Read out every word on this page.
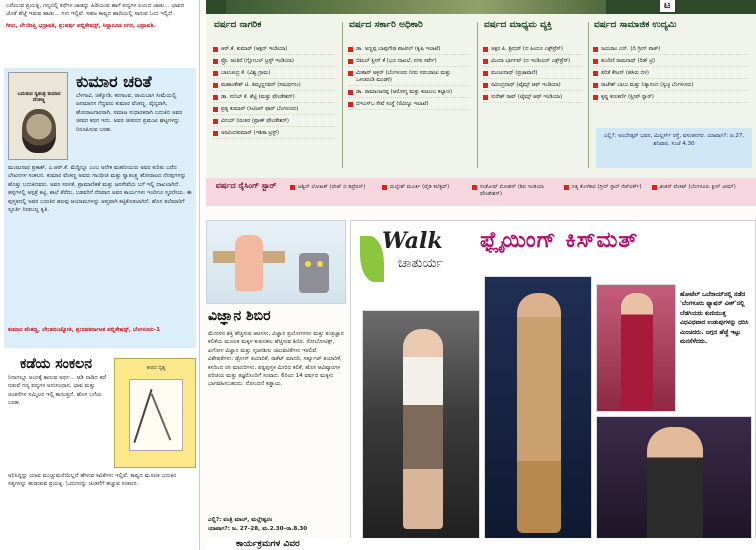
ಬರೆಯುವ ಪ್ರಯತ್ನ, ಗದ್ಯದಲ್ಲಿ ಕಥೆಗಳ ಜಾಡನ್ನು ಹಿಡಿಯುವ ಹಾಗೆ ಪದ್ಯಗಳ ಲಯದ ಜಾಡು... ಭಾವದ ಜೊತೆ ಹೆಜ್ಜೆ ಇಡುವ ಹಾಡು... ಗಳು ಇಲ್ಲಿವೆ. ಸಹಜ ಕಾವ್ಯದ ಹಾದಿಯಲ್ಲಿ ಸಾಗುವ ಓದು ಇಲ್ಲಿದೆ.
ಗೀರು, ಲೇ:ದೀಪ್ತಿ ಭದ್ರಾವತಿ, ಪ್ರ:ವರ್ಷ ಪಬ್ಲಿಕೇಷನ್ಸ್, ಸಿದ್ದಾರೂಢ ನಗರ, ಭದ್ರಾವತಿ.
ಬದುಕುವ ಸ್ವತಂತ್ರ ಕುಮಾರ ವೆಂಕಣ್ಣ
ಕುಮಾರ ಚರಿತೆ
ಬೆಳಗಾವಿ, ಚಿಕ್ಕೋಡಿ, ಕರಗಾಂವ, ರಾಯಬಾಗ ಸೀಮೆಯಲ್ಲಿ ಜನಮಾನಸ ಗೆದ್ದವರು ಕುಮಾರ ವೆಂಕಣ್ಣ. ವೈದ್ಯರಾಗಿ, ಹೋರಾಟಗಾರರಾಗಿ, ಸಮಾಜ ಸುಧಾರಕರಾಗಿ ಬದುಕಿದ ಅವರ ಜೀವನ ಕಥನ ಇದು. ಅವರ ಜೀವನದ ಪ್ರಮುಖ ಘಟ್ಟಗಳನ್ನು ನಿರೂಪಿಸುವ ಬರಹ.
ಮಂಜುನಾಥ ಪ್ರಕಾಶ್, ಎ.ಆರ್.ಕೆ. ಮೆದ್ದಿನ್ನೂ ಎಂಬ ಅನೇಕ ಮಹನೀಯರು ಅವರ ಕುರಿತು ಬರೆದ ಲೇಖನಗಳ ಸಂಕಲನ. ಕುಮಾರ ವೆಂಕಣ್ಣ ಅವರು ಗಾಂಧೀಜಿ ಮತ್ತು ಸ್ವಾತಂತ್ರ್ಯ ಹೋರಾಟದ ನೆನಪುಗಳನ್ನು ಹೊತ್ತು ಬದುಕಿದವರು. ಅವರ ಸರಳತೆ, ಪ್ರಾಮಾಣಿಕತೆ ಮತ್ತು ಜನಸೇವೆಯ ಬಗೆ ಇಲ್ಲಿ ದಾಖಲಾಗಿದೆ. ಹಳ್ಳಿಗಳಲ್ಲಿ ಆಸ್ಪತ್ರೆ ಕಟ್ಟಿ, ಶಾಲೆ ತೆರೆದು, ಬಡವರಿಗೆ ನೆರವಾದ ಅವರ ಕಾರ್ಯಗಳು ಇಂದಿಗೂ ಸ್ಮರಣೀಯ. ಈ ಪುಸ್ತಕದಲ್ಲಿ ಅವರ ಬದುಕಿನ ಹಲವು ಆಯಾಮಗಳನ್ನು ಆಪ್ತವಾಗಿ ಕಟ್ಟಿಕೊಡಲಾಗಿದೆ. ಹೊಸ ತಲೆಮಾರಿಗೆ ಸ್ಫೂರ್ತಿ ನೀಡಬಲ್ಲ ಕೃತಿ.
ಕುಮಾರ ವೆಂಕಣ್ಣ, ಲೇ:ಪರಂಜ್ಯೋತಿ, ಪ್ರ:ನವಕರ್ನಾಟಕ ಪಬ್ಲಿಕೇಷನ್ಸ್, ಬೆಂಗಳೂರು-1
ಕಡೆಯ ಸಂಕಲನ
ನಿನಾಗಲ್ಲೂ ಅಂದಕ್ಕೆ ಕಾಣುವ ಅರ್ಥ... ಆಡಿ ನಾಡಿದ ಕಥೆ ನಡುವೆ ಗದ್ಯ ಪದ್ಯಗಳ ಅನುಸಂಧಾನ. ಭಾವ ಮತ್ತು ಚಿಂತನೆಗಳ ಸಮ್ಮಿಲನ ಇಲ್ಲಿ ಕಾಣುತ್ತದೆ. ಹೊಸ ಬಗೆಯ ಬರಹ.
ತೀರದ ದೃಶ್ಯ
ಅನಿಸಿದ್ದನ್ನು ಯಾವ ಮುಚ್ಚುಮರೆಯಿಲ್ಲದೆ ಹೇಳುವ ಕವಿತೆಗಳು ಇಲ್ಲಿವೆ. ಕಾವ್ಯದ ಮೂಲಕ ಬದುಕಿನ ಸತ್ಯಗಳನ್ನು ಹುಡುಕುವ ಪ್ರಯತ್ನ. ಓದುಗನನ್ನು ಚಿಂತನೆಗೆ ಹಚ್ಚುವ ಸಂಕಲನ.
ಟ
ವರ್ಷದ ನಾಗರಿಕ
ಆರ್.ಕೆ. ಕುಮಾರ್ (ಆಕ್ಷನ್ ಇಂಡಿಯಾ)
ಪ್ರೊ. ಆಂತಿರೆ (ಗ್ಲೋಬಲ್ ಟ್ರಸ್ಟ್ ಇಂಡಿಯಾ)
ಬಾಲಚಂದ್ರ ಕೆ. (ವಿಶ್ವ ಗ್ರಾಮ)
ಮಹಾಂತೇಶ್ ಟಿ. ತಿಮ್ಮಣ್ಣನವರ್ (ಸಮರ್ಥನಂ)
ಡಾ. ಸುನಿಲ್ ಕೆ. ಶೆಟ್ಟಿ (ಮತ್ತು ಫೌಂಡೇಶನ್)
ಪ್ರತ್ಯ ಕುಮಾರ್ (ಸಿಟಿಜನ್ ಫಾರ್ ಬೆಂಗಳೂರು)
ವಿನಯ್ ನಿರಂತರ (ಪ್ರಾಣ್ ಫೌಂಡೇಶನ್)
ಅರವಿಂದಕುಮಾರ್ (ಇಶಿತಾ ಟ್ರಸ್ಟ್)
ವರ್ಷದ ಸರ್ಕಾರಿ ಅಧಿಕಾರಿ
ಡಾ. ಅಣ್ಣಪ್ಪ ಬಾಪುಗೌಡ ಪಾಟೀಲ್ (ಕೃಷಿ ಇಲಾಖೆ)
ಬಿಮಲ್ ಸ್ಟೀನ್ ಕೆ (ಭೂ ದಾಖಲೆ, ನಗರ ಸರ್ವೇ)
ಮಿಹಾರ್ ಅಕ್ಬರ್ (ಬೆಂಗಳೂರು ನೀರು ಸರಬರಾಜು ಮತ್ತು ಒಳಚರಂಡಿ ಮಂಡಳಿ)
ಡಾ. ರಾಮಾಂಜನಪ್ಪ (ಆರೋಗ್ಯ ಮತ್ತು ಕುಟುಂಬ ಕಲ್ಯಾಣ)
ಬಿಇಎಸ್ಒ ಸೇವೆ ಸಂಸ್ಥೆ (ರೆವಿನ್ಯೂ ಇಲಾಖೆ)
ವರ್ಷದ ಮಾಧ್ಯಮ ವ್ಯಕ್ತಿ
ಅಕ್ಷರ ಪಿ. ಶ್ರೀಧರ್ (ದ ಹಿಂದೂ ಎಕ್ಸ್‌ಪ್ರೆಸ್)
ಮಿಂದಾ ಭಾರ್ಗವ್ (ದ ಇಂಡಿಯನ್ ಎಕ್ಸ್‌ಪ್ರೆಸ್)
ಮಂಜುನಾಥ್ (ಪ್ರಜಾವಾಣಿ)
ರವೀಂದ್ರನಾಥ್ (ಟೈಮ್ಸ್ ಆಫ್ ಇಂಡಿಯಾ)
ಸುರೇಶ್ ರಾವ್ (ಟೈಮ್ಸ್ ಆಫ್ ಇಂಡಿಯಾ)
ವರ್ಷದ ಸಾಮಾಜಿಕ ಉದ್ಯಮಿ
ಜಯರಾಂ ಎನ್. (ದಿ ಗ್ರೀನ್ ಪಾತ್)
ಕುಂದಿಣಿ ರಾಮನಾಥ್ (ರಿಡ್ ಟ್ರಿ)
ಪರಿತೆ ಕೇಟನ್ (ಹಸಿರು ದಳ)
ರಾಜೇಶ್ ಬಾಬು ಮತ್ತು ನಿತ್ಯಾನಂದ (ಸ್ವಚ್ಛ ಬೆಂಗಳೂರು)
ಕೃಷ್ಣ ಕುಲಕರ್ಣಿ (ಸ್ಲೀಪ್ ಸ್ನಾರ್)
ಎಲ್ಲಿ?: ಅಂಬೇಡ್ಕರ್ ಭವನ, ಮಿಲ್ಲರ್ಸ್ ರಸ್ತೆ, ವಸಂತನಗರ. ಯಾವಾಗ?: ಜ.27, ಶನಿವಾರ, ಸಂಜೆ 4.30
ವರ್ಷದ ರೈಸಿಂಗ್ ಸ್ಟಾರ್	ಅಶ್ವಿನ್ ಲೋಹಿತ್ (ಫೇಟ್ ದ ಡಿಪ್ರೆಷನ್)	ಮಲ್ಲೇಶ್ ಮೂರ್ತಿ (ವೈಡಿ ಕಲೆಕ್ಟಿವ್)	ಸಂತೋಷ್ ಮೋಹನ್ (ಶಿವ ಇಂಡಿಯಾ ಫೌಂಡೇಶನ್)
ನಿತ್ಯ ಕೊಳೆಕಾರ (ಗ್ರೀನ್ ಸ್ಟಾರ್ ನೆಟ್‌ವರ್ಕ್)	ಶಂಕರ್ ವೆಂಕಟ್ (ಬೆಂಗಳೂರು ಕ್ಲೀನ್ ಟೀಮ್)
ವಿಜ್ಞಾನ ಶಿಬಿರ
ಮೆದುಳಿನ ಶಕ್ತಿ ಹೆಚ್ಚಿಸುವ ಆಟಗಳು, ವಿಜ್ಞಾನ ಪ್ರಯೋಗಗಳು ಮತ್ತು ತಂತ್ರಜ್ಞಾನ ಕಲಿಕೆಯ ಮೂಲಕ ಮಕ್ಕಳ ಕುತೂಹಲ ಹೆಚ್ಚಿಸುವ ಶಿಬಿರ. ರೋಬೋಟಿಕ್ಸ್, ಖಗೋಳ ವಿಜ್ಞಾನ ಮತ್ತು ಸೃಜನಶೀಲ ಚಟುವಟಿಕೆಗಳು ಇರಲಿವೆ. ವಿಶೇಷತೆಗಳು: ಡ್ರೋನ್ ತಯಾರಿಕೆ, ರಾಕೆಟ್ ಮಾದರಿ, ಸರ್ಕ್ಯೂಟ್ ತಯಾರಿಕೆ, ಕಸದಿಂದ ರಸ ಮಾದರಿಗಳು. ಪಠ್ಯಪುಸ್ತಕ ಮೀರಿದ ಕಲಿಕೆ, ಹೊಸ ಆವಿಷ್ಕಾರಗಳ ಪರಿಚಯ ಮತ್ತು ತಜ್ಞರೊಂದಿಗೆ ಸಂವಾದ. 6ರಿಂದ 14 ವರ್ಷದ ಮಕ್ಕಳು ಭಾಗವಹಿಸಬಹುದು. ನೋಂದಣಿ ಕಡ್ಡಾಯ.
ಎಲ್ಲಿ?: ವಂತ್ರಿ ಮಾಲ್, ಮಲ್ಲೇಶ್ವರಂ
ಯಾವಾಗ?: ಜ. 27–28, ಮ.2.30–ರಾ.8.30
Walk
ಚಾತುರ್ಯ
ಫ್ಲೈಯಿಂಗ್ ಕಿಸ್‌ಮತ್
ಹೋಟೆಲ್ ಒಬೆರಾಯ್‌ನಲ್ಲಿ ನಡೆದ 'ಬೆಂಗಳೂರು ಫ್ಯಾಷನ್ ವೀಕ್'ನಲ್ಲಿ ಬೆಡಗಿಯರು ಕುಣಿಯುತ್ತ ವಿಧವಿಧವಾದ ಉಡುಪುಗಳನ್ನು ಧರಿಸಿ ಮಿಂಚಿದರು. ಜಗ್ಗದ ಹೆಜ್ಜೆ ಇಟ್ಟು ಮನಸೆಳೆದರು.
ಕಾರ್ಯಕ್ರಮಗಳ ವಿವರ
